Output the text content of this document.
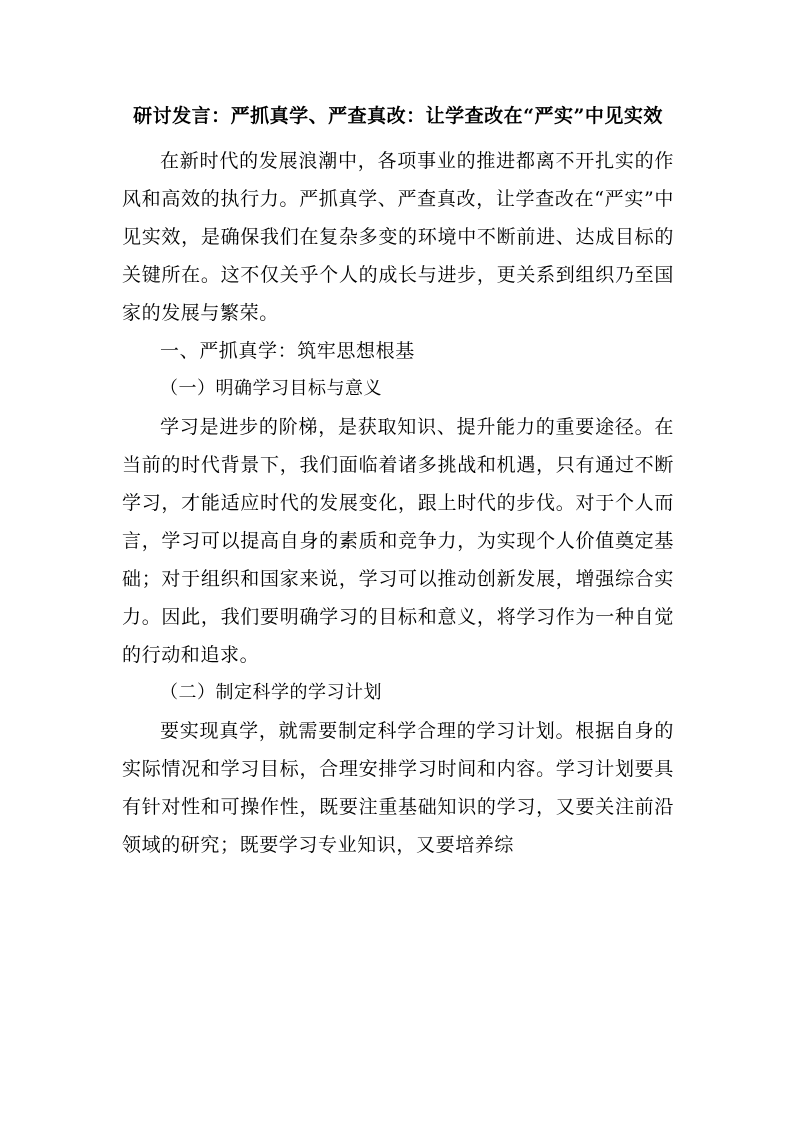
研讨发言：严抓真学、严查真改：让学查改在“严实”中见实效

在新时代的发展浪潮中，各项事业的推进都离不开扎实的作风和高效的执行力。严抓真学、严查真改，让学查改在“严实”中见实效，是确保我们在复杂多变的环境中不断前进、达成目标的关键所在。这不仅关乎个人的成长与进步，更关系到组织乃至国家的发展与繁荣。

一、严抓真学：筑牢思想根基

（一）明确学习目标与意义

学习是进步的阶梯，是获取知识、提升能力的重要途径。在当前的时代背景下，我们面临着诸多挑战和机遇，只有通过不断学习，才能适应时代的发展变化，跟上时代的步伐。对于个人而言，学习可以提高自身的素质和竞争力，为实现个人价值奠定基础；对于组织和国家来说，学习可以推动创新发展，增强综合实力。因此，我们要明确学习的目标和意义，将学习作为一种自觉的行动和追求。

（二）制定科学的学习计划

要实现真学，就需要制定科学合理的学习计划。根据自身的实际情况和学习目标，合理安排学习时间和内容。学习计划要具有针对性和可操作性，既要注重基础知识的学习，又要关注前沿领域的研究；既要学习专业知识，又要培养综
